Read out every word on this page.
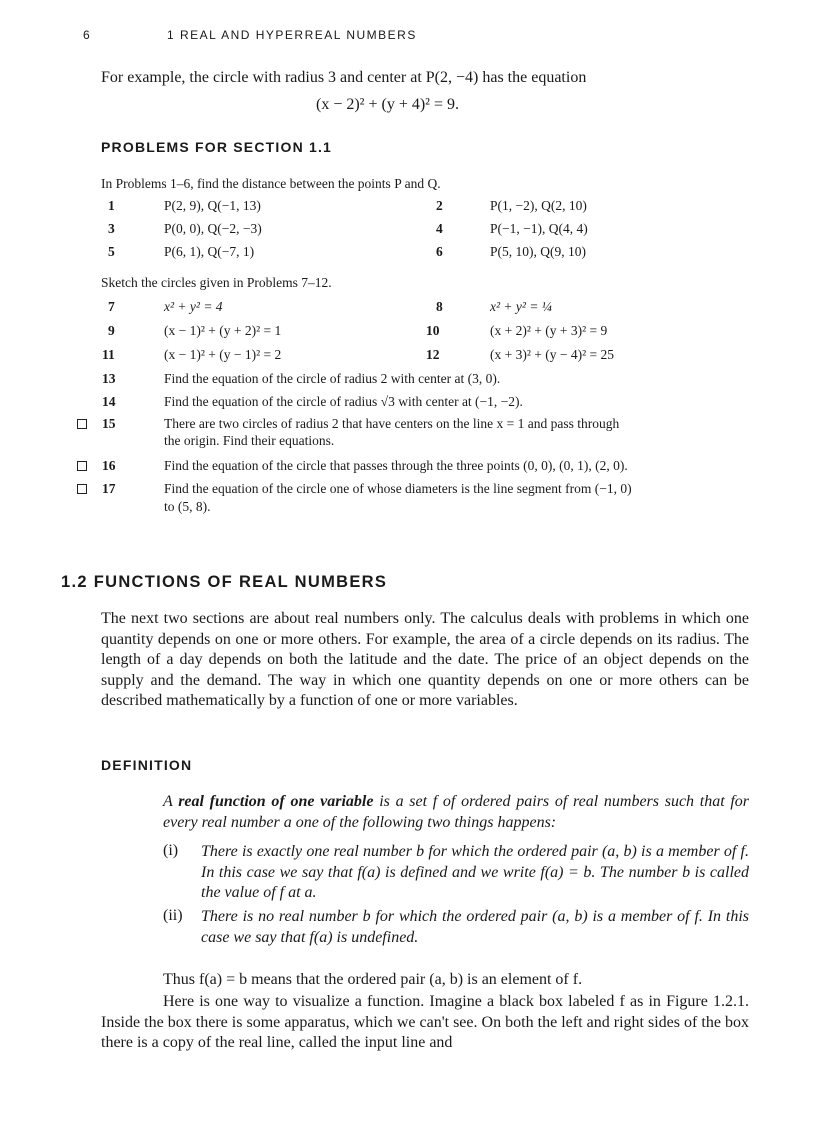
6	1 REAL AND HYPERREAL NUMBERS
For example, the circle with radius 3 and center at P(2, −4) has the equation
(x − 2)² + (y + 4)² = 9.
PROBLEMS FOR SECTION 1.1
In Problems 1–6, find the distance between the points P and Q.
1	P(2, 9), Q(−1, 13)	2	P(1, −2), Q(2, 10)
3	P(0, 0), Q(−2, −3)	4	P(−1, −1), Q(4, 4)
5	P(6, 1), Q(−7, 1)	6	P(5, 10), Q(9, 10)
Sketch the circles given in Problems 7–12.
7	x² + y² = 4	8	x² + y² = ¼
9	(x − 1)² + (y + 2)² = 1	10	(x + 2)² + (y + 3)² = 9
11	(x − 1)² + (y − 1)² = 2	12	(x + 3)² + (y − 4)² = 25
13	Find the equation of the circle of radius 2 with center at (3, 0).
14	Find the equation of the circle of radius √3 with center at (−1, −2).
15	There are two circles of radius 2 that have centers on the line x = 1 and pass through
the origin. Find their equations.
16	Find the equation of the circle that passes through the three points (0, 0), (0, 1), (2, 0).
17	Find the equation of the circle one of whose diameters is the line segment from (−1, 0)
to (5, 8).
1.2 FUNCTIONS OF REAL NUMBERS
The next two sections are about real numbers only. The calculus deals with problems in which one quantity depends on one or more others. For example, the area of a circle depends on its radius. The length of a day depends on both the latitude and the date. The price of an object depends on the supply and the demand. The way in which one quantity depends on one or more others can be described mathematically by a function of one or more variables.
DEFINITION
A real function of one variable is a set f of ordered pairs of real numbers such that for every real number a one of the following two things happens:
(i) There is exactly one real number b for which the ordered pair (a, b) is a member of f. In this case we say that f(a) is defined and we write f(a) = b. The number b is called the value of f at a.
(ii) There is no real number b for which the ordered pair (a, b) is a member of f. In this case we say that f(a) is undefined.
Thus f(a) = b means that the ordered pair (a, b) is an element of f.
Here is one way to visualize a function. Imagine a black box labeled f as in Figure 1.2.1. Inside the box there is some apparatus, which we can't see. On both the left and right sides of the box there is a copy of the real line, called the input line and
